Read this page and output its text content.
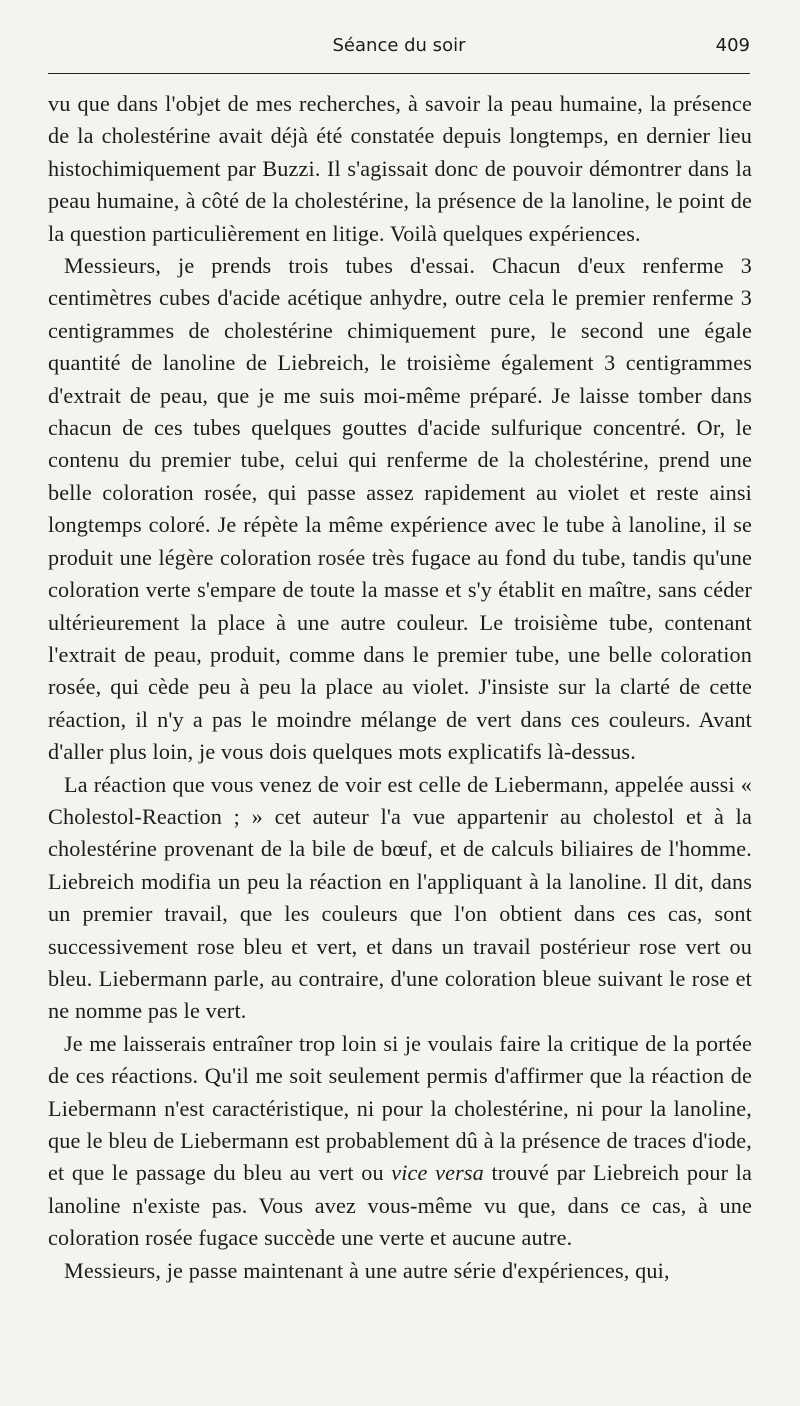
Séance du soir	409

vu que dans l'objet de mes recherches, à savoir la peau humaine, la présence de la cholestérine avait déjà été constatée depuis longtemps, en dernier lieu histochimiquement par Buzzi. Il s'agissait donc de pouvoir démontrer dans la peau humaine, à côté de la cholestérine, la présence de la lanoline, le point de la question particulièrement en litige. Voilà quelques expériences.

Messieurs, je prends trois tubes d'essai. Chacun d'eux renferme 3 centimètres cubes d'acide acétique anhydre, outre cela le premier renferme 3 centigrammes de cholestérine chimiquement pure, le second une égale quantité de lanoline de Liebreich, le troisième également 3 centigrammes d'extrait de peau, que je me suis moi-même préparé. Je laisse tomber dans chacun de ces tubes quelques gouttes d'acide sulfurique concentré. Or, le contenu du premier tube, celui qui renferme de la cholestérine, prend une belle coloration rosée, qui passe assez rapidement au violet et reste ainsi longtemps coloré. Je répète la même expérience avec le tube à lanoline, il se produit une légère coloration rosée très fugace au fond du tube, tandis qu'une coloration verte s'empare de toute la masse et s'y établit en maître, sans céder ultérieurement la place à une autre couleur. Le troisième tube, contenant l'extrait de peau, produit, comme dans le premier tube, une belle coloration rosée, qui cède peu à peu la place au violet. J'insiste sur la clarté de cette réaction, il n'y a pas le moindre mélange de vert dans ces couleurs. Avant d'aller plus loin, je vous dois quelques mots explicatifs là-dessus.

La réaction que vous venez de voir est celle de Liebermann, appelée aussi « Cholestol-Reaction ; » cet auteur l'a vue appartenir au cholestol et à la cholestérine provenant de la bile de bœuf, et de calculs biliaires de l'homme. Liebreich modifia un peu la réaction en l'appliquant à la lanoline. Il dit, dans un premier travail, que les couleurs que l'on obtient dans ces cas, sont successivement rose bleu et vert, et dans un travail postérieur rose vert ou bleu. Liebermann parle, au contraire, d'une coloration bleue suivant le rose et ne nomme pas le vert.

Je me laisserais entraîner trop loin si je voulais faire la critique de la portée de ces réactions. Qu'il me soit seulement permis d'affirmer que la réaction de Liebermann n'est caractéristique, ni pour la cholestérine, ni pour la lanoline, que le bleu de Liebermann est probablement dû à la présence de traces d'iode, et que le passage du bleu au vert ou vice versa trouvé par Liebreich pour la lanoline n'existe pas. Vous avez vous-même vu que, dans ce cas, à une coloration rosée fugace succède une verte et aucune autre.

Messieurs, je passe maintenant à une autre série d'expériences, qui,
